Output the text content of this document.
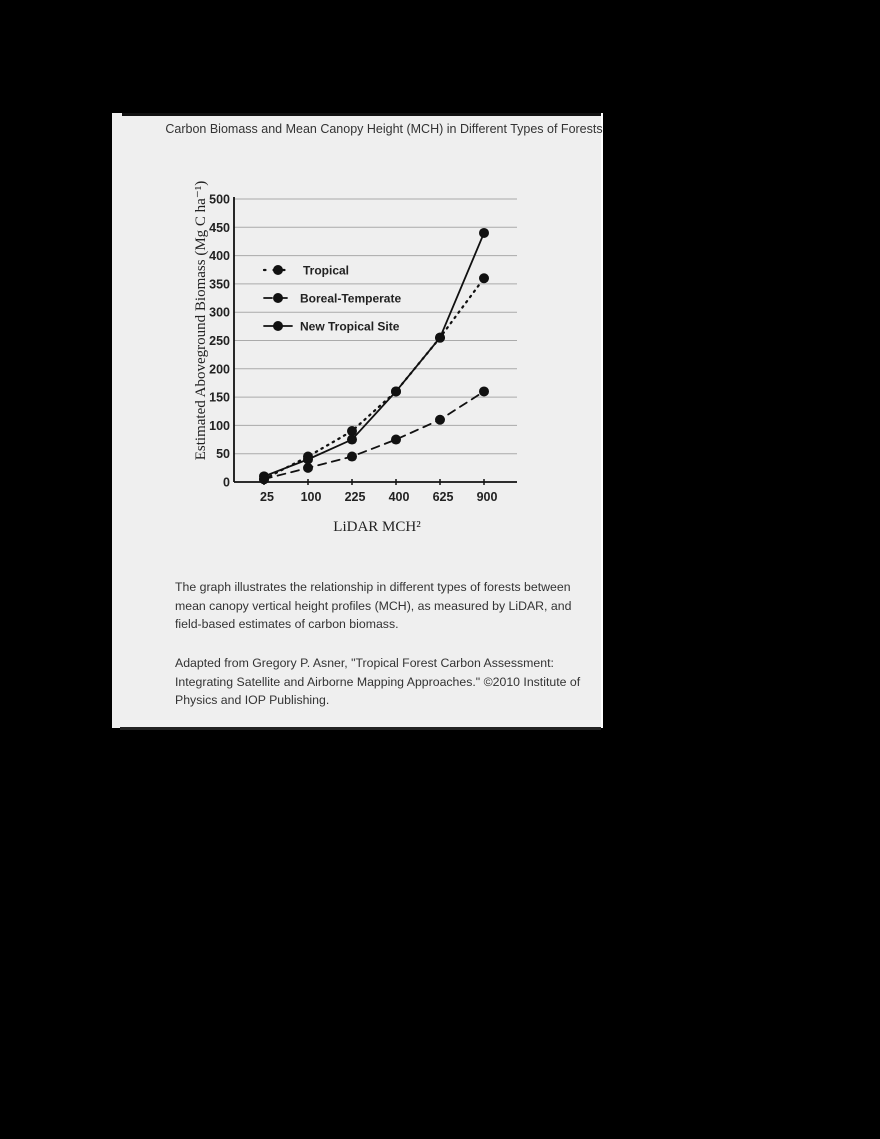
Carbon Biomass and Mean Canopy Height (MCH) in Different Types of Forests
0
50
100
150
200
250
300
350
400
450
500
25 100 225 400 625 900
LiDAR MCH²
Estimated Aboveground Biomass (Mg C ha⁻¹)	Tropical
Boreal-Temperate
New Tropical Site
The graph illustrates the relationship in different types of forests between mean canopy vertical height profiles (MCH), as measured by LiDAR, and field-based estimates of carbon biomass.
Adapted from Gregory P. Asner, "Tropical Forest Carbon Assessment: Integrating Satellite and Airborne Mapping Approaches." ©2010 Institute of Physics and IOP Publishing.
